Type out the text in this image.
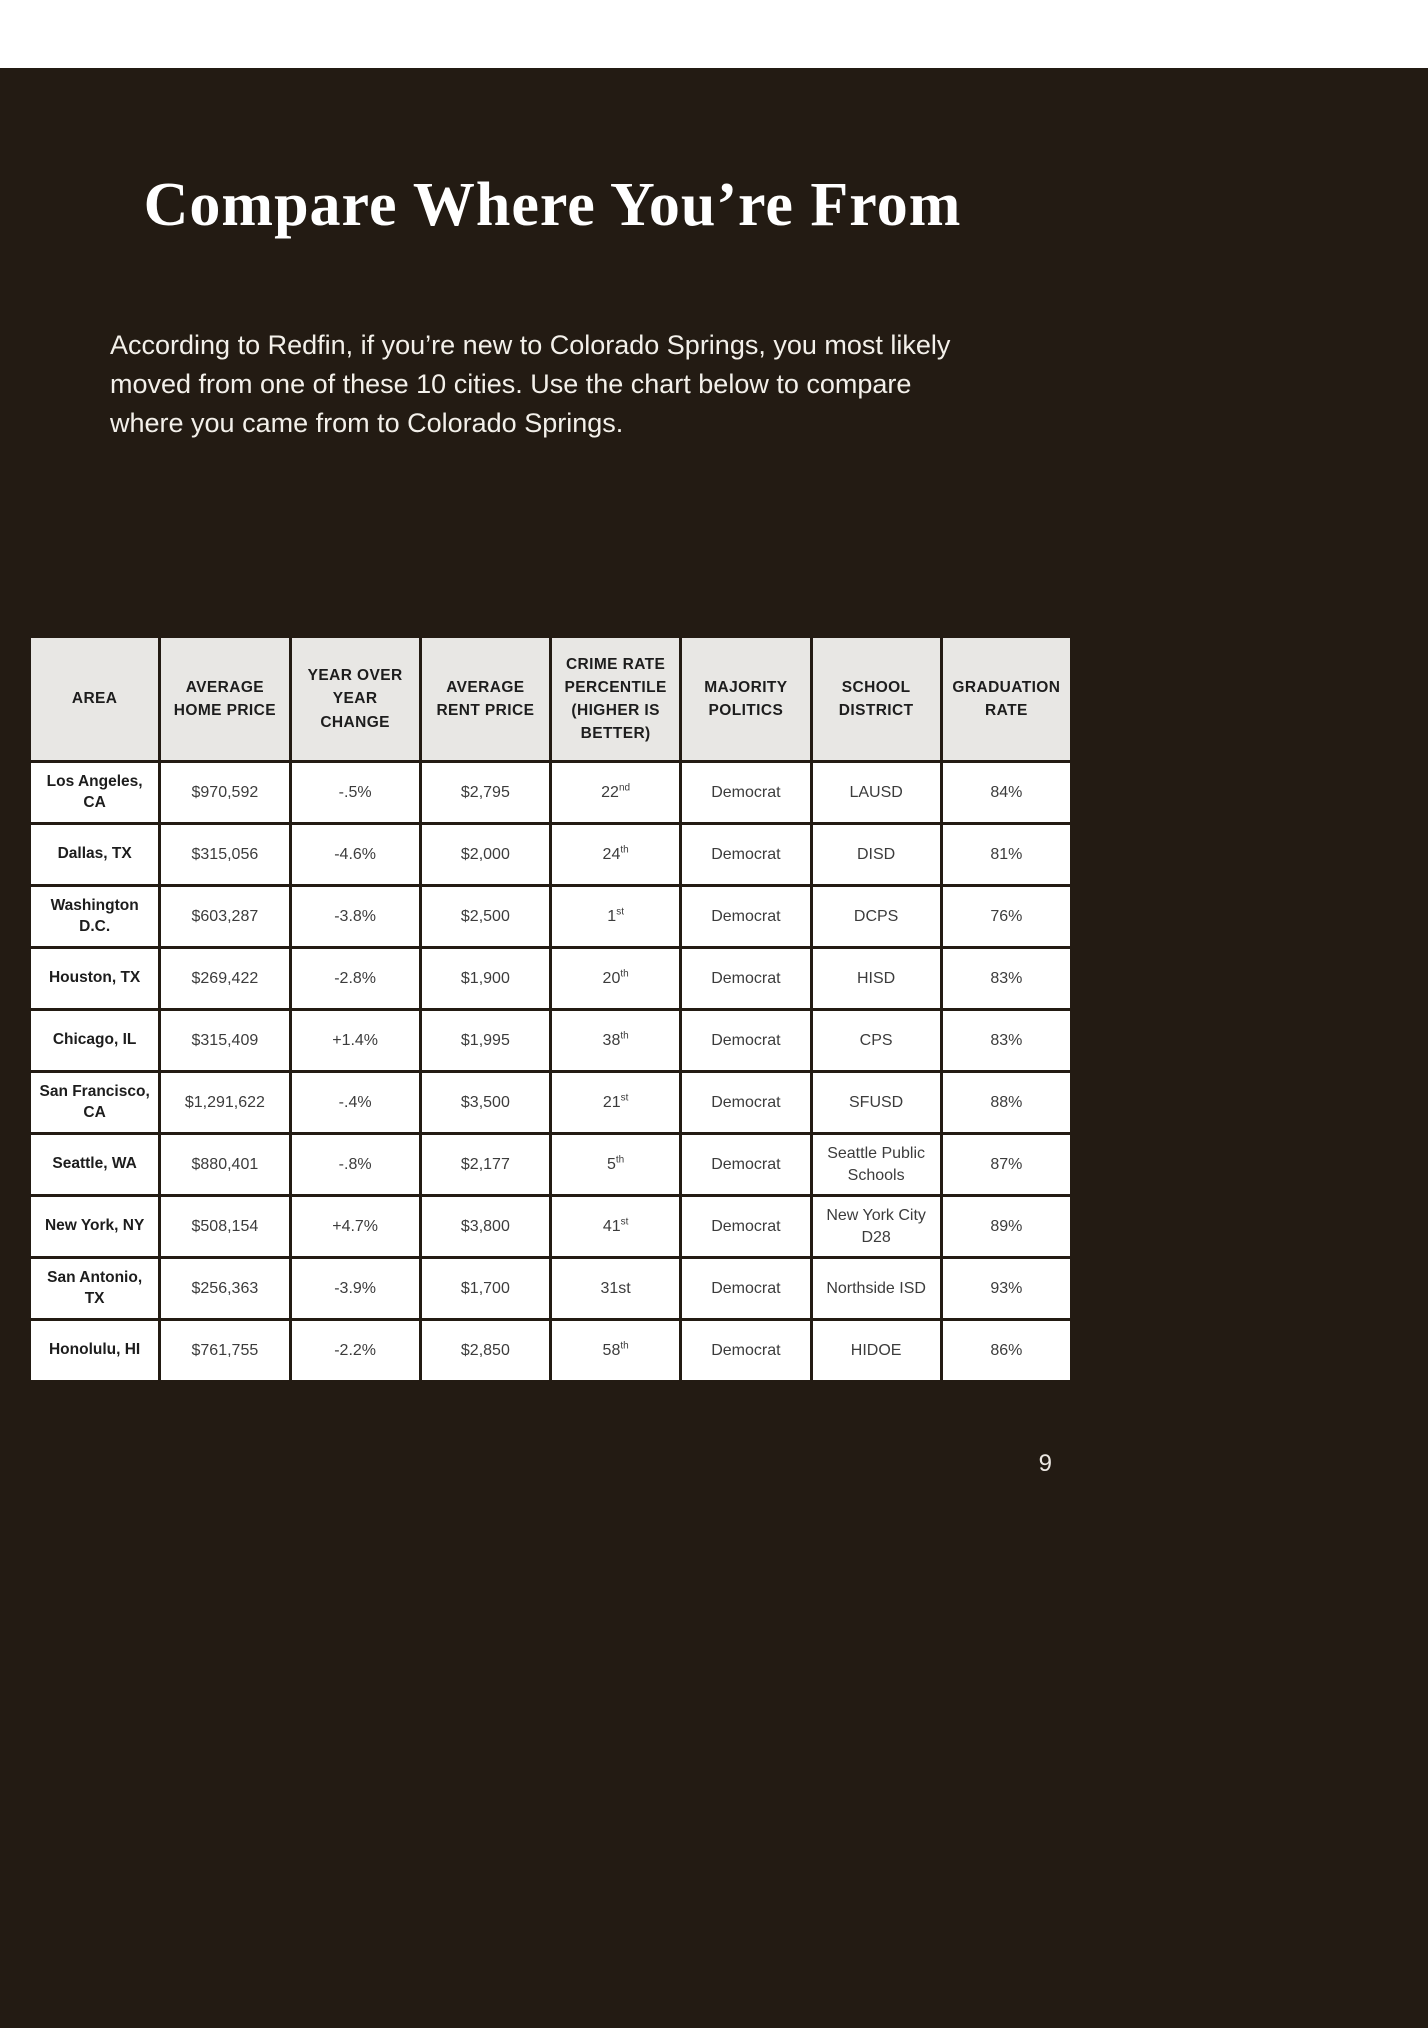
Compare Where You’re From

According to Redfin, if you’re new to Colorado Springs, you most likely moved from one of these 10 cities. Use the chart below to compare where you came from to Colorado Springs.

AREA	AVERAGE HOME PRICE	YEAR OVER YEAR CHANGE	AVERAGE RENT PRICE	CRIME RATE PERCENTILE (HIGHER IS BETTER)	MAJORITY POLITICS	SCHOOL DISTRICT	GRADUATION RATE
Los Angeles, CA	$970,592	-.5%	$2,795	22nd	Democrat	LAUSD	84%
Dallas, TX	$315,056	-4.6%	$2,000	24th	Democrat	DISD	81%
Washington D.C.	$603,287	-3.8%	$2,500	1st	Democrat	DCPS	76%
Houston, TX	$269,422	-2.8%	$1,900	20th	Democrat	HISD	83%
Chicago, IL	$315,409	+1.4%	$1,995	38th	Democrat	CPS	83%
San Francisco, CA	$1,291,622	-.4%	$3,500	21st	Democrat	SFUSD	88%
Seattle, WA	$880,401	-.8%	$2,177	5th	Democrat	Seattle Public Schools	87%
New York, NY	$508,154	+4.7%	$3,800	41st	Democrat	New York City D28	89%
San Antonio, TX	$256,363	-3.9%	$1,700	31st	Democrat	Northside ISD	93%
Honolulu, HI	$761,755	-2.2%	$2,850	58th	Democrat	HIDOE	86%
9
